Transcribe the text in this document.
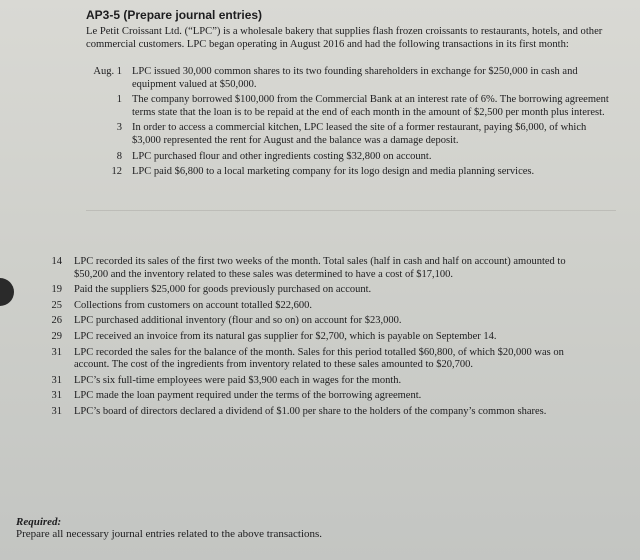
AP3-5 (Prepare journal entries)

Le Petit Croissant Ltd. (“LPC”) is a wholesale bakery that supplies flash frozen croissants to restaurants, hotels, and other commercial customers. LPC began operating in August 2016 and had the following transactions in its first month:

Aug. 1 LPC issued 30,000 common shares to its two founding shareholders in exchange for $250,000 in cash and equipment valued at $50,000.
1 The company borrowed $100,000 from the Commercial Bank at an interest rate of 6%. The borrowing agreement terms state that the loan is to be repaid at the end of each month in the amount of $2,500 per month plus interest.
3 In order to access a commercial kitchen, LPC leased the site of a former restaurant, paying $6,000, of which $3,000 represented the rent for August and the balance was a damage deposit.
8 LPC purchased flour and other ingredients costing $32,800 on account.
12 LPC paid $6,800 to a local marketing company for its logo design and media planning services.
14	LPC recorded its sales of the first two weeks of the month. Total sales (half in cash and half on account) amounted to $50,200 and the inventory related to these sales was determined to have a cost of $17,100.
19	Paid the suppliers $25,000 for goods previously purchased on account.
25	Collections from customers on account totalled $22,600.
26	LPC purchased additional inventory (flour and so on) on account for $23,000.
29	LPC received an invoice from its natural gas supplier for $2,700, which is payable on September 14.
31	LPC recorded the sales for the balance of the month. Sales for this period totalled $60,800, of which $20,000 was on account. The cost of the ingredients from inventory related to these sales amounted to $20,700.
31	LPC’s six full-time employees were paid $3,900 each in wages for the month.
31	LPC made the loan payment required under the terms of the borrowing agreement.
31	LPC’s board of directors declared a dividend of $1.00 per share to the holders of the company’s common shares.

Required:

Prepare all necessary journal entries related to the above transactions.
